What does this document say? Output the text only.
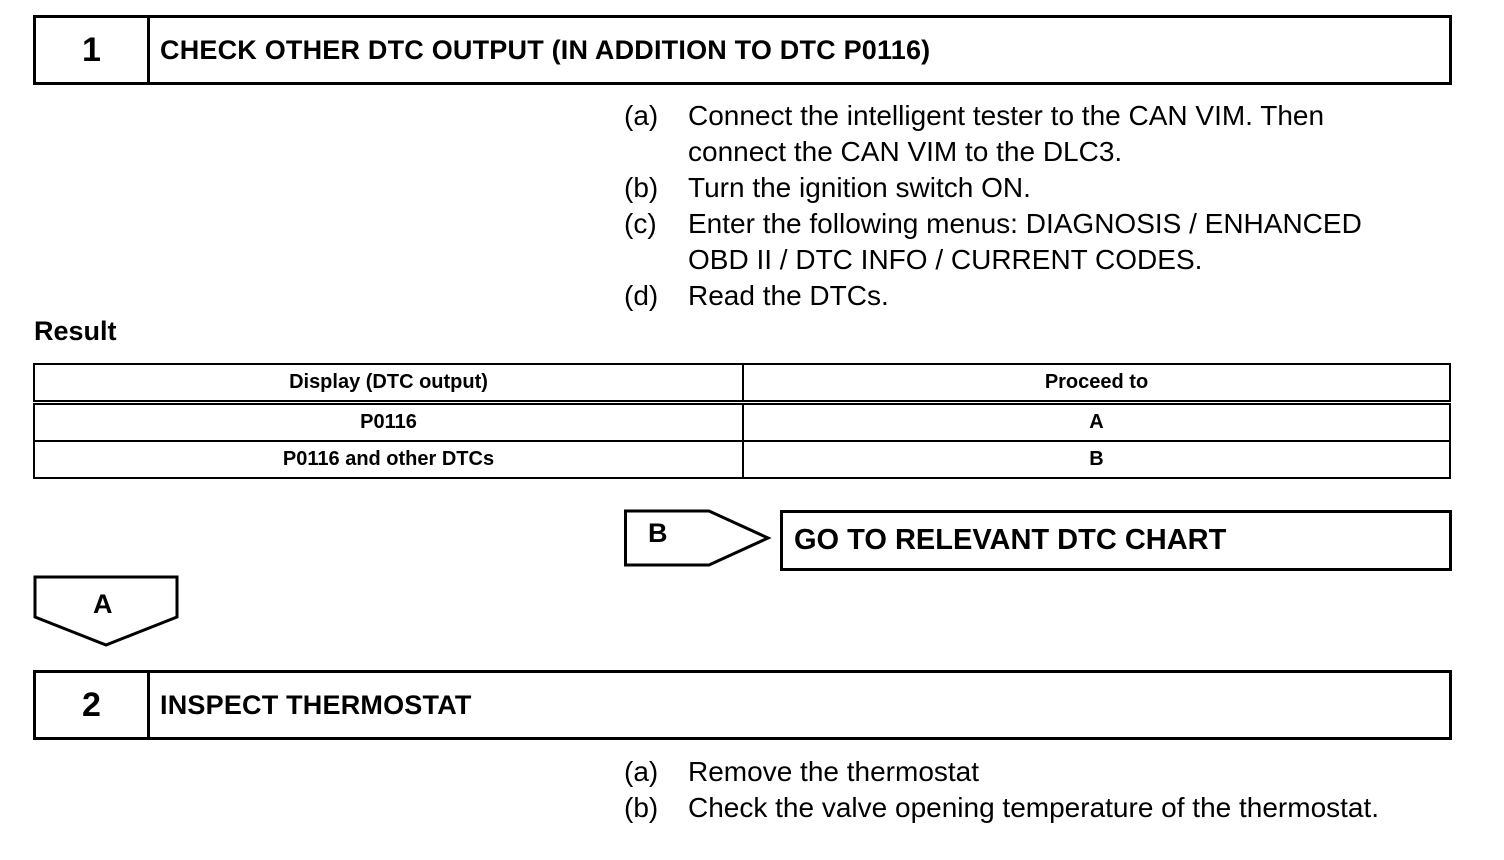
1	CHECK OTHER DTC OUTPUT (IN ADDITION TO DTC P0116)
(a)	Connect the intelligent tester to the CAN VIM. Then
connect the CAN VIM to the DLC3.
(b)	Turn the ignition switch ON.
(c)	Enter the following menus: DIAGNOSIS / ENHANCED
OBD II / DTC INFO / CURRENT CODES.
(d)	Read the DTCs.
Result
Display (DTC output)	Proceed to
P0116	A
P0116 and other DTCs	B
B	GO TO RELEVANT DTC CHART
A
2	INSPECT THERMOSTAT
(a)	Remove the thermostat
(b)	Check the valve opening temperature of the thermostat.
